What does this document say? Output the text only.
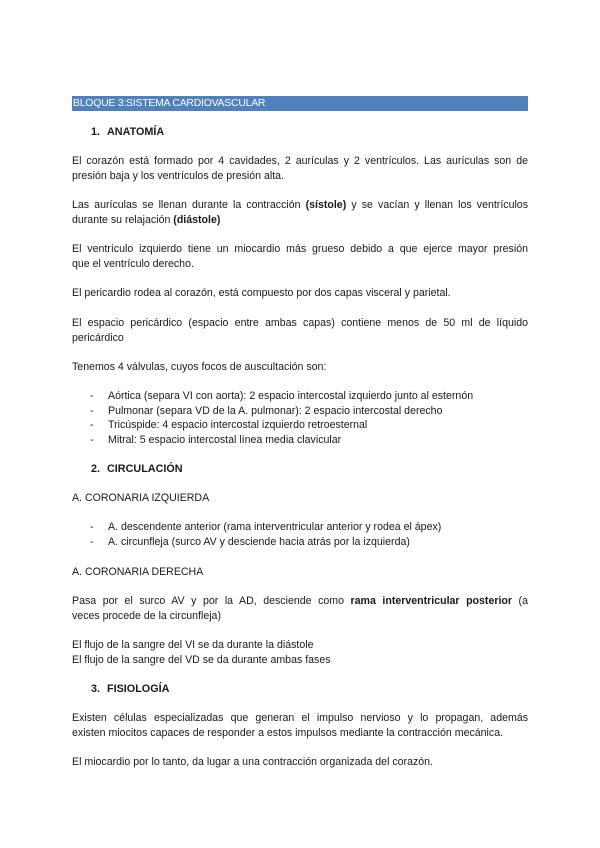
BLOQUE 3:SISTEMA CARDIOVASCULAR
1. ANATOMÍA
El corazón está formado por 4 cavidades, 2 aurículas y 2 ventrículos. Las aurículas son de
presión baja y los ventrículos de presión alta.
Las aurículas se llenan durante la contracción (sístole) y se vacían y llenan los ventrículos
durante su relajación (diástole)
El ventrículo izquierdo tiene un miocardio más grueso debido a que ejerce mayor presión
que el ventrículo derecho.
El pericardio rodea al corazón, está compuesto por dos capas visceral y parietal.
El espacio pericárdico (espacio entre ambas capas) contiene menos de 50 ml de líquido
pericárdico
Tenemos 4 válvulas, cuyos focos de auscultación son:
- Aórtica (separa VI con aorta): 2 espacio intercostal izquierdo junto al esternón
- Pulmonar (separa VD de la A. pulmonar): 2 espacio intercostal derecho
- Tricúspide: 4 espacio intercostal izquierdo retroesternal
- Mitral: 5 espacio intercostal línea media clavicular
2. CIRCULACIÓN
A. CORONARIA IZQUIERDA
- A. descendente anterior (rama interventricular anterior y rodea el ápex)
- A. circunfleja (surco AV y desciende hacia atrás por la izquierda)
A. CORONARIA DERECHA
Pasa por el surco AV y por la AD, desciende como rama interventricular posterior (a
veces procede de la circunfleja)
El flujo de la sangre del VI se da durante la diástole
El flujo de la sangre del VD se da durante ambas fases
3. FISIOLOGÍA
Existen células especializadas que generan el impulso nervioso y lo propagan, además
existen miocitos capaces de responder a estos impulsos mediante la contracción mecánica.
El miocardio por lo tanto, da lugar a una contracción organizada del corazón.
